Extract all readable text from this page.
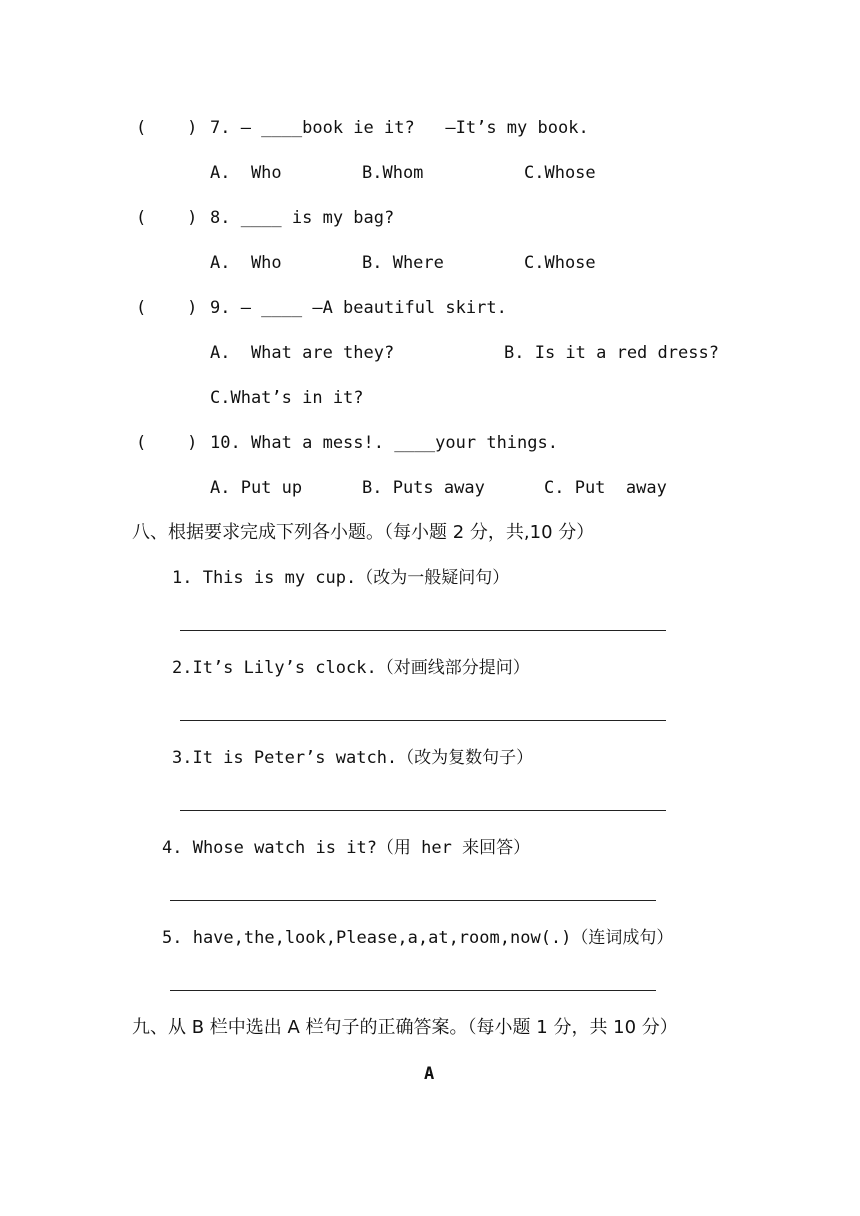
(    ) 7. — ____book ie it?   —It’s my book.
A.  Who	B.Whom	C.Whose
(    ) 8. ____ is my bag?
A.  Who	B. Where	C.Whose
(    ) 9. — ____ —A beautiful skirt.
A.  What are they?	B. Is it a red dress?
C.What’s in it?
(    ) 10. What a mess!. ____your things.
A. Put up	B. Puts away	C. Put  away
八、根据要求完成下列各小题。（每小题 2 分，共,10 分）
1. This is my cup.（改为一般疑问句）
2.It’s Lily’s clock.（对画线部分提问）
3.It is Peter’s watch.（改为复数句子）
4. Whose watch is it?（用 her 来回答）
5. have,the,look,Please,a,at,room,now(.)（连词成句）
九、从 B 栏中选出 A 栏句子的正确答案。（每小题 1 分，共 10 分）
A
